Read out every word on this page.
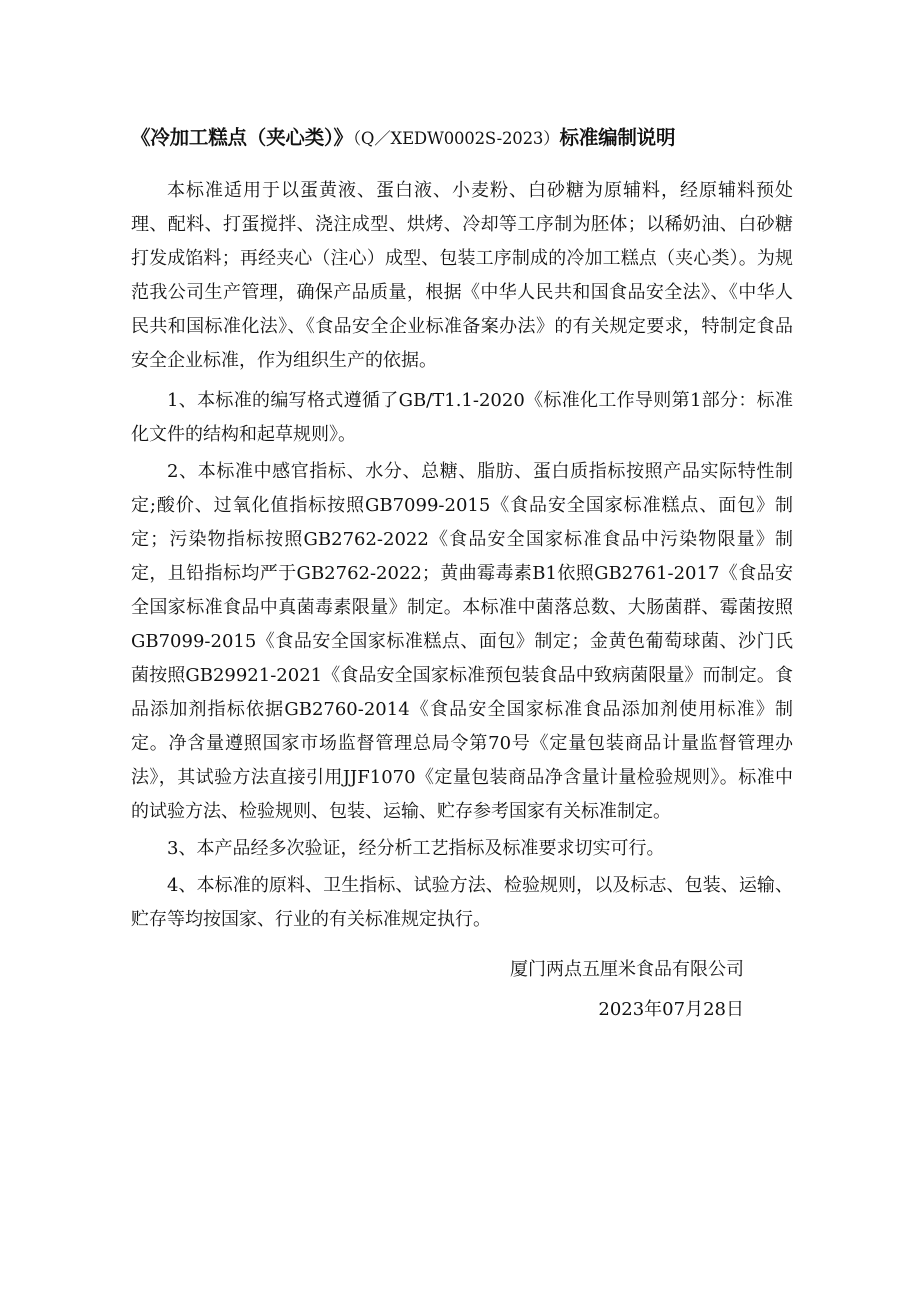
《冷加工糕点（夹心类）》（Q／XEDW0002S-2023）标准编制说明

本标准适用于以蛋黄液、蛋白液、小麦粉、白砂糖为原辅料，经原辅料预处理、配料、打蛋搅拌、浇注成型、烘烤、冷却等工序制为胚体；以稀奶油、白砂糖打发成馅料；再经夹心（注心）成型、包装工序制成的冷加工糕点（夹心类）。为规范我公司生产管理，确保产品质量，根据《中华人民共和国食品安全法》、《中华人民共和国标准化法》、《食品安全企业标准备案办法》的有关规定要求，特制定食品安全企业标准，作为组织生产的依据。

1、本标准的编写格式遵循了GB/T1.1-2020《标准化工作导则第1部分：标准化文件的结构和起草规则》。

2、本标准中感官指标、水分、总糖、脂肪、蛋白质指标按照产品实际特性制定;酸价、过氧化值指标按照GB7099-2015《食品安全国家标准糕点、面包》制定；污染物指标按照GB2762-2022《食品安全国家标准食品中污染物限量》制定，且铅指标均严于GB2762-2022；黄曲霉毒素B1依照GB2761-2017《食品安全国家标准食品中真菌毒素限量》制定。本标准中菌落总数、大肠菌群、霉菌按照GB7099-2015《食品安全国家标准糕点、面包》制定；金黄色葡萄球菌、沙门氏菌按照GB29921-2021《食品安全国家标准预包装食品中致病菌限量》而制定。食品添加剂指标依据GB2760-2014《食品安全国家标准食品添加剂使用标准》制定。净含量遵照国家市场监督管理总局令第70号《定量包装商品计量监督管理办法》，其试验方法直接引用JJF1070《定量包装商品净含量计量检验规则》。标准中的试验方法、检验规则、包装、运输、贮存参考国家有关标准制定。

3、本产品经多次验证，经分析工艺指标及标准要求切实可行。

4、本标准的原料、卫生指标、试验方法、检验规则，以及标志、包装、运输、贮存等均按国家、行业的有关标准规定执行。

厦门两点五厘米食品有限公司
2023年07月28日
